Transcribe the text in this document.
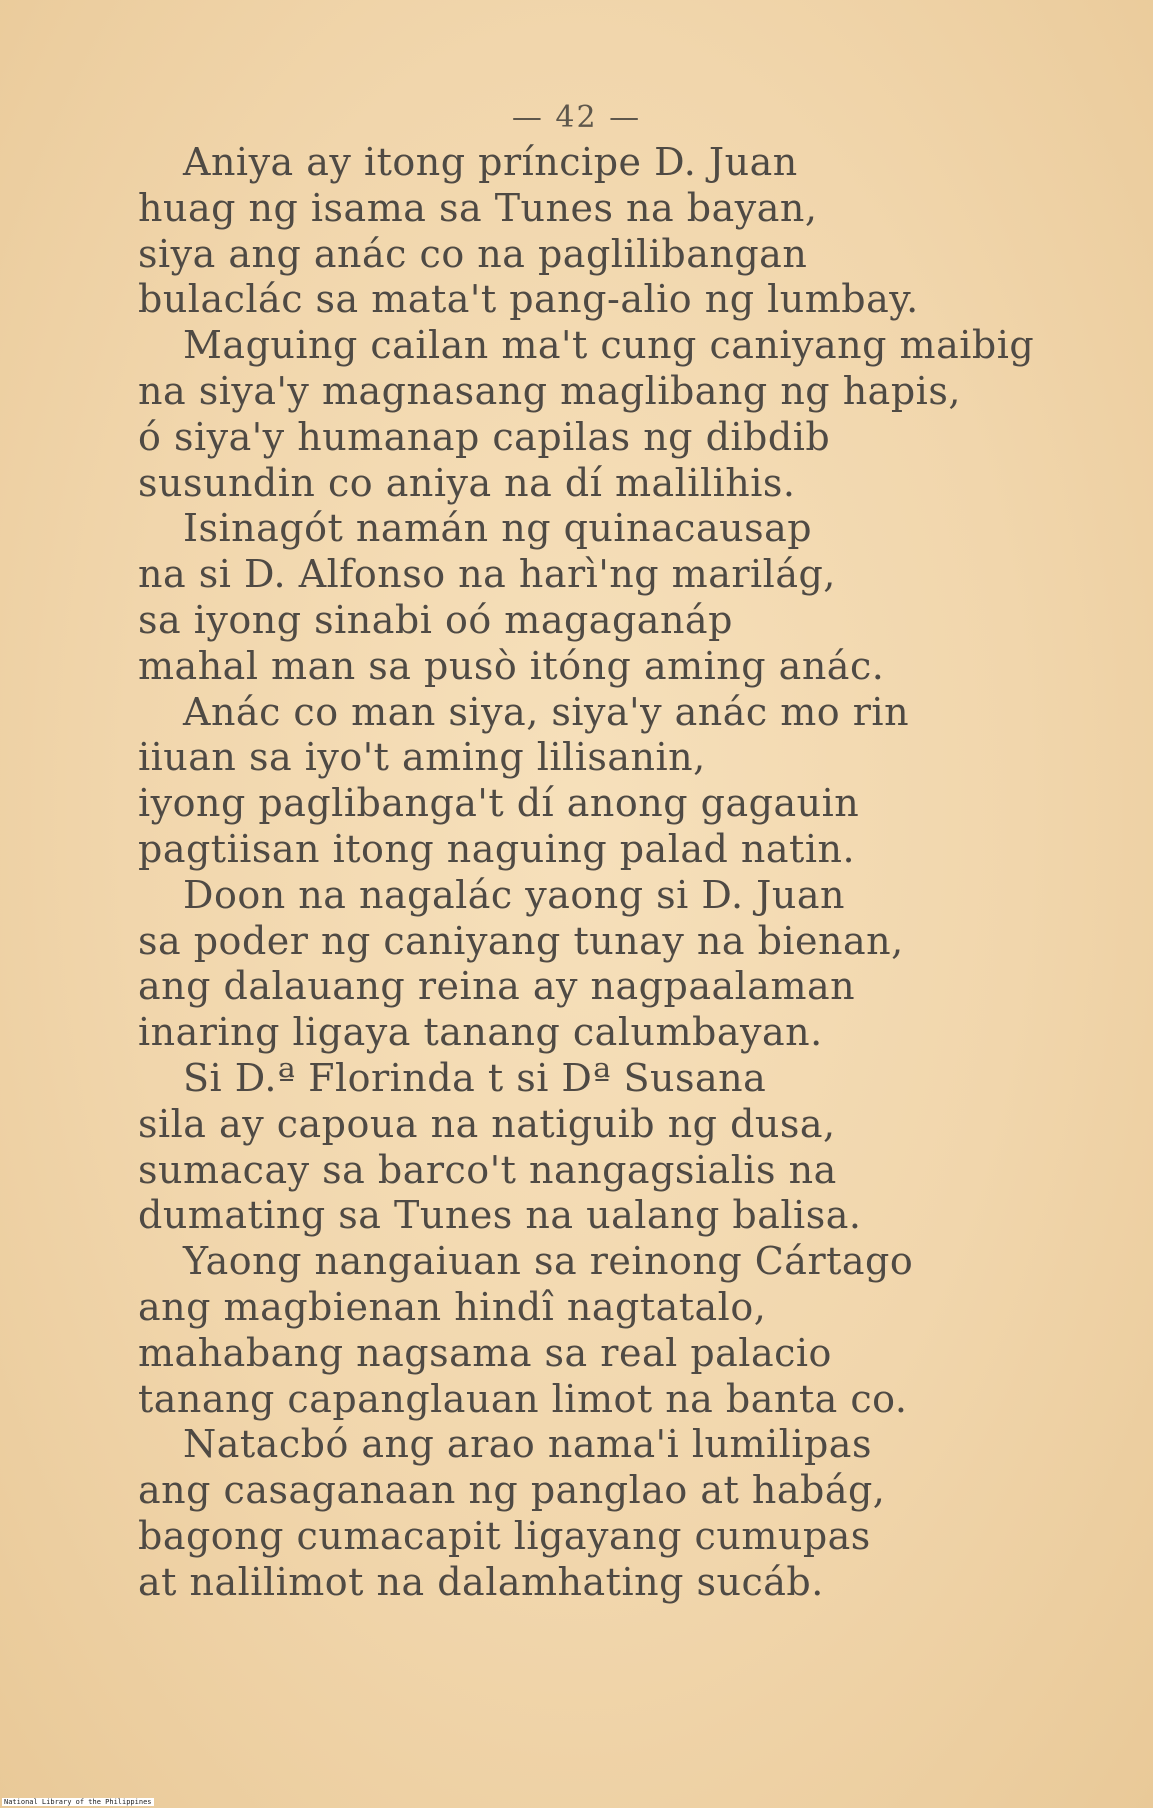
— 42 —
Aniya ay itong príncipe D. Juan
huag ng isama sa Tunes na bayan,
siya ang anác co na paglilibangan
bulaclác sa mata't pang-alio ng lumbay.
Maguing cailan ma't cung caniyang maibig
na siya'y magnasang maglibang ng hapis,
ó siya'y humanap capilas ng dibdib
susundin co aniya na dí malilihis.
Isinagót namán ng quinacausap
na si D. Alfonso na harì'ng marilág,
sa iyong sinabi oó magaganáp
mahal man sa pusò itóng aming anác.
Anác co man siya, siya'y anác mo rin
iiuan sa iyo't aming lilisanin,
iyong paglibanga't dí anong gagauin
pagtiisan itong naguing palad natin.
Doon na nagalác yaong si D. Juan
sa poder ng caniyang tunay na bienan,
ang dalauang reina ay nagpaalaman
inaring ligaya tanang calumbayan.
Si D.ª Florinda t si Dª Susana
sila ay capoua na natiguib ng dusa,
sumacay sa barco't nangagsialis na
dumating sa Tunes na ualang balisa.
Yaong nangaiuan sa reinong Cártago
ang magbienan hindî nagtatalo,
mahabang nagsama sa real palacio
tanang capanglauan limot na banta co.
Natacbó ang arao nama'i lumilipas
ang casaganaan ng panglao at habág,
bagong cumacapit ligayang cumupas
at nalilimot na dalamhating sucáb.
National Library of the Philippines
